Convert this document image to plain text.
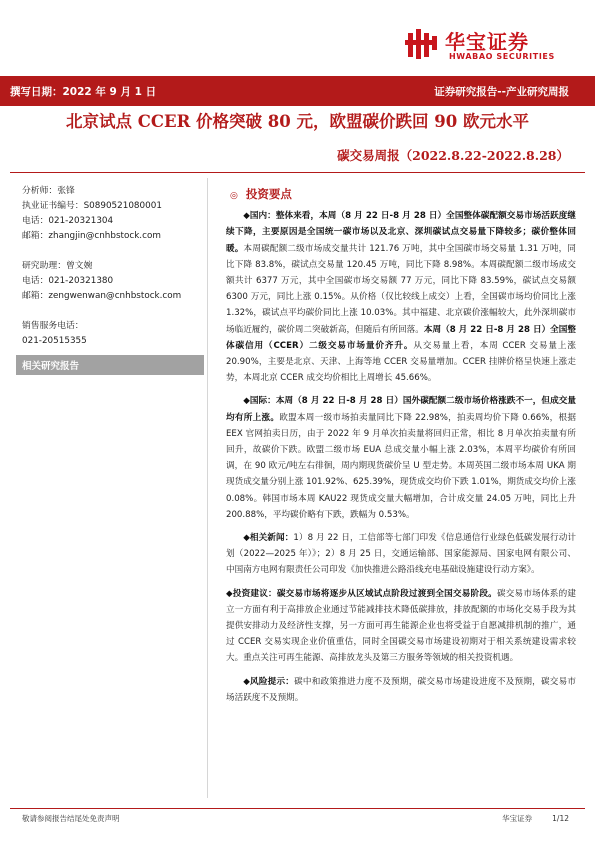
华宝证券
HWABAO SECURITIES
撰写日期：2022 年 9 月 1 日	证券研究报告--产业研究周报
北京试点 CCER 价格突破 80 元，欧盟碳价跌回 90 欧元水平
碳交易周报（2022.8.22-2022.8.28）
分析师：张锋
执业证书编号：S0890521080001
电话：021-20321304
邮箱：zhangjin@cnhbstock.com
研究助理：曾文婉
电话：021-20321380
邮箱：zengwenwan@cnhbstock.com
销售服务电话：
021-20515355
相关研究报告
◎ 投资要点

◆国内：整体来看，本周（8 月 22 日-8 月 28 日）全国整体碳配额交易市场活跃度继续下降，主要原因是全国统一碳市场以及北京、深圳碳试点交易量下降较多；碳价整体回暖。本周碳配额二级市场成交量共计 121.76 万吨，其中全国碳市场交易量 1.31 万吨，同比下降 83.8%，碳试点交易量 120.45 万吨，同比下降 8.98%。本周碳配额二级市场成交额共计 6377 万元，其中全国碳市场交易额 77 万元，同比下降 83.59%，碳试点交易额 6300 万元，同比上涨 0.15%。从价格（仅比较线上成交）上看，全国碳市场均价同比上涨 1.32%，碳试点平均碳价同比上涨 10.03%。其中福建、北京碳价涨幅较大，此外深圳碳市场临近履约，碳价周二突破新高，但随后有所回落。本周（8 月 22 日-8 月 28 日）全国整体碳信用（CCER）二级交易市场量价齐升。从交易量上看，本周 CCER 交易量上涨 20.90%，主要是北京、天津、上海等地 CCER 交易量增加。CCER 挂牌价格呈快速上涨走势，本周北京 CCER 成交均价相比上周增长 45.66%。

◆国际：本周（8 月 22 日-8 月 28 日）国外碳配额二级市场价格涨跌不一，但成交量均有所上涨。欧盟本周一级市场拍卖量同比下降 22.98%，拍卖周均价下降 0.66%，根据 EEX 官网拍卖日历，由于 2022 年 9 月单次拍卖量将回归正常，相比 8 月单次拍卖量有所回升，故碳价下跌。欧盟二级市场 EUA 总成交量小幅上涨 2.03%，本周平均碳价有所回调，在 90 欧元/吨左右徘徊，周内期现货碳价呈 U 型走势。本周英国二级市场本周 UKA 期现货成交量分别上涨 101.92%、625.39%，现货成交均价下跌 1.01%，期货成交均价上涨 0.08%。韩国市场本周 KAU22 现货成交量大幅增加，合计成交量 24.05 万吨，同比上升 200.88%，平均碳价略有下跌，跌幅为 0.53%。

◆相关新闻：1）8 月 22 日，工信部等七部门印发《信息通信行业绿色低碳发展行动计划（2022—2025 年）》；2）8 月 25 日，交通运输部、国家能源局、国家电网有限公司、中国南方电网有限责任公司印发《加快推进公路沿线充电基础设施建设行动方案》。

◆投资建议：碳交易市场将逐步从区域试点阶段过渡到全国交易阶段。碳交易市场体系的建立一方面有利于高排放企业通过节能减排技术降低碳排放，排放配额的市场化交易手段为其提供安排动力及经济性支撑，另一方面可再生能源企业也将受益于自愿减排机制的推广，通过 CCER 交易实现企业价值重估，同时全国碳交易市场建设初期对于相关系统建设需求较大。重点关注可再生能源、高排放龙头及第三方服务等领域的相关投资机遇。

◆风险提示：碳中和政策推进力度不及预期，碳交易市场建设进度不及预期，碳交易市场活跃度不及预期。

敬请参阅报告结尾处免责声明	华宝证券	1/12
